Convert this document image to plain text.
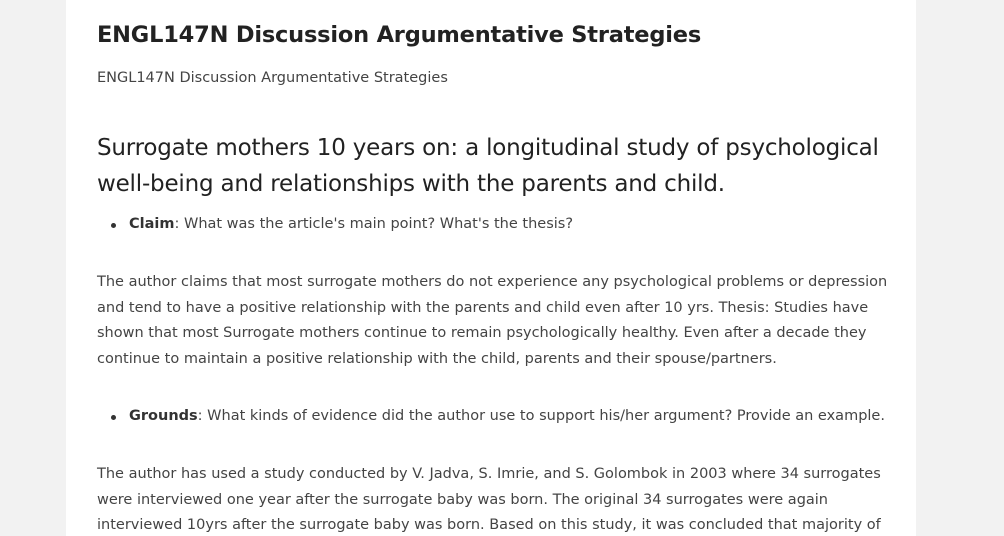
ENGL147N Discussion Argumentative Strategies

ENGL147N Discussion Argumentative Strategies

Surrogate mothers 10 years on: a longitudinal study of psychological
well-being and relationships with the parents and child.
Claim: What was the article's main point? What's the thesis?

The author claims that most surrogate mothers do not experience any psychological problems or depression
and tend to have a positive relationship with the parents and child even after 10 yrs. Thesis: Studies have
shown that most Surrogate mothers continue to remain psychologically healthy. Even after a decade they
continue to maintain a positive relationship with the child, parents and their spouse/partners.

Grounds: What kinds of evidence did the author use to support his/her argument? Provide an example.

The author has used a study conducted by V. Jadva, S. Imrie, and S. Golombok in 2003 where 34 surrogates
were interviewed one year after the surrogate baby was born. The original 34 surrogates were again
interviewed 10yrs after the surrogate baby was born. Based on this study, it was concluded that majority of
